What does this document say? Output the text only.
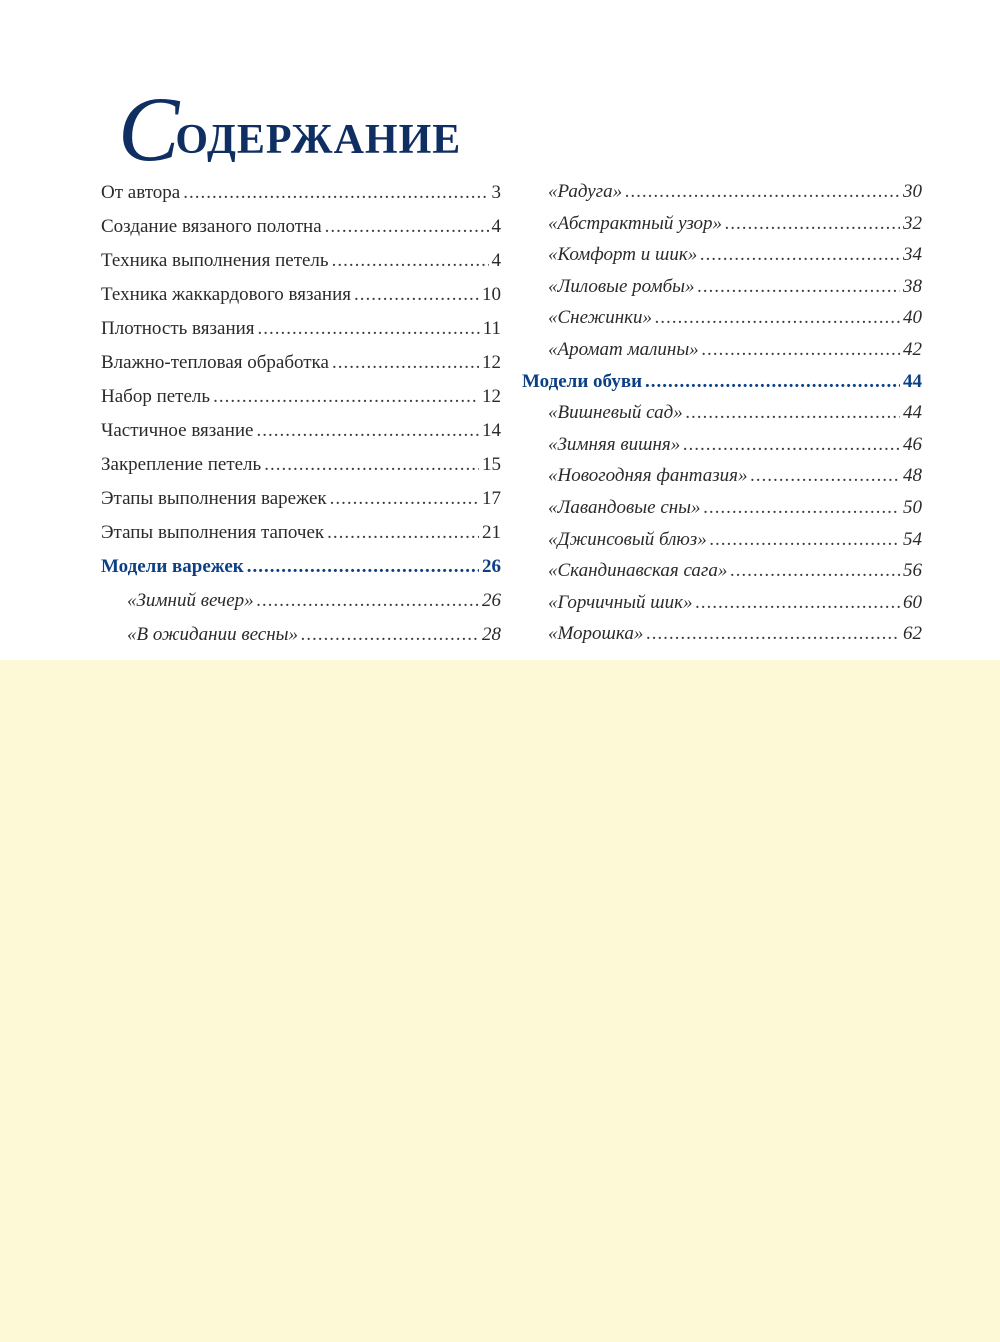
СОДЕРЖАНИЕ
От автора .....	3
Создание вязаного полотна .....	4
Техника выполнения петель .....	4
Техника жаккардового вязания .....	10
Плотность вязания .....	11
Влажно-тепловая обработка .....	12
Набор петель .....	12
Частичное вязание .....	14
Закрепление петель .....	15
Этапы выполнения варежек .....	17
Этапы выполнения тапочек .....	21
Модели варежек .....	26
«Зимний вечер» .....	26
«В ожидании весны» .....	28
«Радуга» .....	30
«Абстрактный узор» .....	32
«Комфорт и шик» .....	34
«Лиловые ромбы» .....	38
«Снежинки» .....	40
«Аромат малины» .....	42
Модели обуви .....	44
«Вишневый сад» .....	44
«Зимняя вишня» .....	46
«Новогодняя фантазия» .....	48
«Лавандовые сны» .....	50
«Джинсовый блюз» .....	54
«Скандинавская сага» .....	56
«Горчичный шик» .....	60
«Морошка» .....	62
